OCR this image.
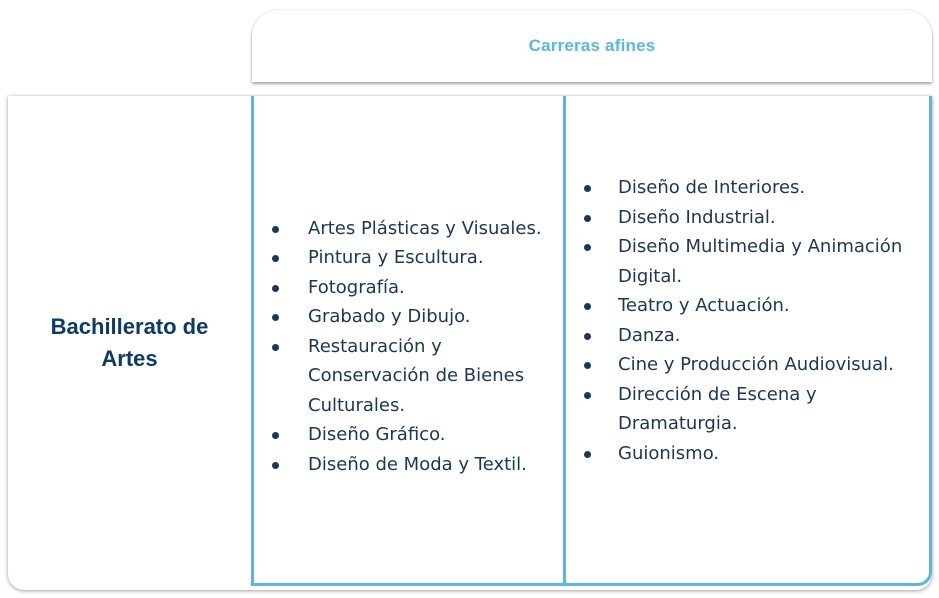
Carreras afines
Bachillerato de
Artes
Artes Plásticas y Visuales.
Pintura y Escultura.
Fotografía.
Grabado y Dibujo.
Restauración y Conservación de Bienes Culturales.
Diseño Gráfico.
Diseño de Moda y Textil.
Diseño de Interiores.
Diseño Industrial.
Diseño Multimedia y Animación Digital.
Teatro y Actuación.
Danza.
Cine y Producción Audiovisual.
Dirección de Escena y Dramaturgia.
Guionismo.
